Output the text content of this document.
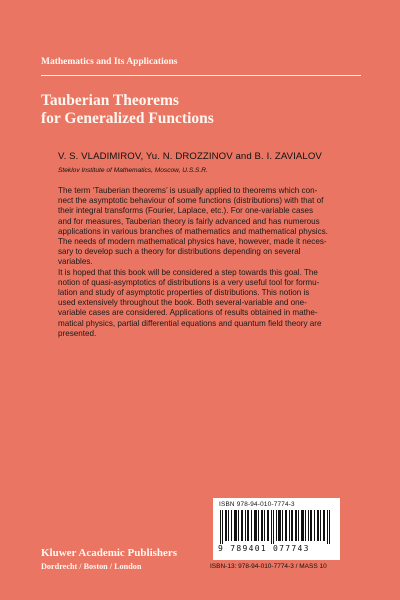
Mathematics and Its Applications
Tauberian Theorems
for Generalized Functions
V. S. VLADIMIROV, Yu. N. DROZZINOV and B. I. ZAVIALOV
Steklov Institute of Mathematics, Moscow, U.S.S.R.
The term ‘Tauberian theorems’ is usually applied to theorems which con-
nect the asymptotic behaviour of some functions (distributions) with that of
their integral transforms (Fourier, Laplace, etc.). For one-variable cases
and for measures, Tauberian theory is fairly advanced and has numerous
applications in various branches of mathematics and mathematical physics.
The needs of modern mathematical physics have, however, made it neces-
sary to develop such a theory for distributions depending on several
variables.
It is hoped that this book will be considered a step towards this goal. The
notion of quasi-asymptotics of distributions is a very useful tool for formu-
lation and study of asymptotic properties of distributions. This notion is
used extensively throughout the book. Both several-variable and one-
variable cases are considered. Applications of results obtained in mathe-
matical physics, partial differential equations and quantum field theory are
presented.
ISBN 978-94-010-7774-3
9 789401 077743
ISBN-13: 978-94-010-7774-3 / MASS 10
Kluwer Academic Publishers
Dordrecht / Boston / London
